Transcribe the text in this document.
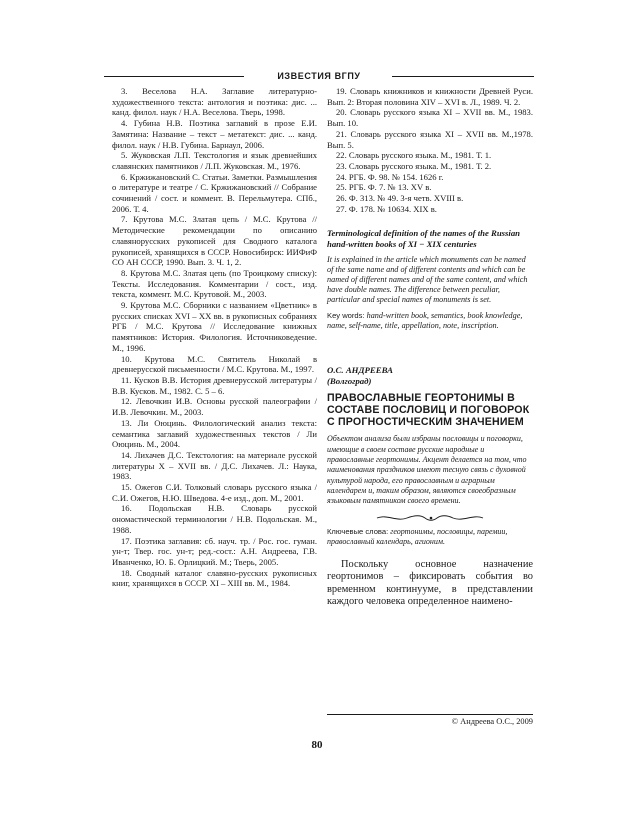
ИЗВЕСТИЯ ВГПУ

3. Веселова Н.А. Заглавие литературно-художественного текста: антология и поэтика: дис. ... канд. филол. наук / Н.А. Веселова. Тверь, 1998.

4. Губина Н.В. Поэтика заглавий в прозе Е.И. Замятина: Название – текст – метатекст: дис. ... канд. филол. наук / Н.В. Губина. Барнаул, 2006.

5. Жуковская Л.П. Текстология и язык древнейших славянских памятников / Л.П. Жуковская. М., 1976.

6. Кржижановский С. Статьи. Заметки. Размышления о литературе и театре / С. Кржижановский // Собрание сочинений / сост. и коммент. В. Перельмутера. СПб., 2006. Т. 4.

7. Крутова М.С. Златая цепь / М.С. Крутова // Методические рекомендации по описанию славянорусских рукописей для Сводного каталога рукописей, хранящихся в СССР. Новосибирск: ИИФиФ СО АН СССР, 1990. Вып. 3. Ч. 1, 2.

8. Крутова М.С. Златая цепь (по Троицкому списку): Тексты. Исследования. Комментарии / сост., изд. текста, коммент. М.С. Крутовой. М., 2003.

9. Крутова М.С. Сборники с названием «Цветник» в русских списках XVI – XX вв. в рукописных собраниях РГБ / М.С. Крутова // Исследование книжных памятников: История. Филология. Источниковедение. М., 1996.

10. Крутова М.С. Святитель Николай в древнерусской письменности / М.С. Крутова. М., 1997.

11. Кусков В.В. История древнерусской литературы / В.В. Кусков. М., 1982. С. 5 – 6.

12. Левочкин И.В. Основы русской палеографии / И.В. Левочкин. М., 2003.

13. Ли Оюцинь. Филологический анализ текста: семантика заглавий художественных текстов / Ли Оюцинь. М., 2004.

14. Лихачев Д.С. Текстология: на материале русской литературы X – XVII вв. / Д.С. Лихачев. Л.: Наука, 1983.

15. Ожегов С.И. Толковый словарь русского языка / С.И. Ожегов, Н.Ю. Шведова. 4-е изд., доп. М., 2001.

16. Подольская Н.В. Словарь русской ономастической терминологии / Н.В. Подольская. М., 1988.

17. Поэтика заглавия: сб. науч. тр. / Рос. гос. гуман. ун-т; Твер. гос. ун-т; ред.-сост.: А.Н. Андреева, Г.В. Иванченко, Ю. Б. Орлицкий. М.; Тверь, 2005.

18. Сводный каталог славяно-русских рукописных книг, хранящихся в СССР. XI – XIII вв. М., 1984.

19. Словарь книжников и книжности Древней Руси. Вып. 2: Вторая половина XIV – XVI в. Л., 1989. Ч. 2.

20. Словарь русского языка XI – XVII вв. М., 1983. Вып. 10.

21. Словарь русского языка XI – XVII вв. М.,1978. Вып. 5.

22. Словарь русского языка. М., 1981. Т. 1.

23. Словарь русского языка. М., 1981. Т. 2.

24. РГБ. Ф. 98. № 154. 1626 г.

25. РГБ. Ф. 7. № 13. XV в.

26. Ф. 313. № 49. 3-я четв. XVIII в.

27. Ф. 178. № 10634. XIX в.

Terminological definition of the names of the Russian hand-written books of XI − XIX centuries

It is explained in the article which monuments can be named of the same name and of different contents and which can be named of different names and of the same content, and which have double names. The difference between peculiar, particular and special names of monuments is set.

Key words: hand-written book, semantics, book knowledge, name, self-name, title, appellation, note, inscription.

О.С. АНДРЕЕВА

(Волгоград)

ПРАВОСЛАВНЫЕ ГЕОРТОНИМЫ В СОСТАВЕ ПОСЛОВИЦ И ПОГОВОРОК С ПРОГНОСТИЧЕСКИМ ЗНАЧЕНИЕМ

Объектом анализа были избраны пословицы и поговорки, имеющие в своем составе русские народные и православные геортонимы. Акцент делается на том, что наименования праздников имеют тесную связь с духовной культурой народа, его православным и аграрным календарем и, таким образом, являются своеобразным языковым памятником своего времени.

Ключевые слова: геортонимы, пословицы, паремии, православный календарь, агионим.

Поскольку основное назначение геортонимов – фиксировать события во временном континууме, в представлении каждого человека определенное наимено-

© Андреева О.С., 2009
80
